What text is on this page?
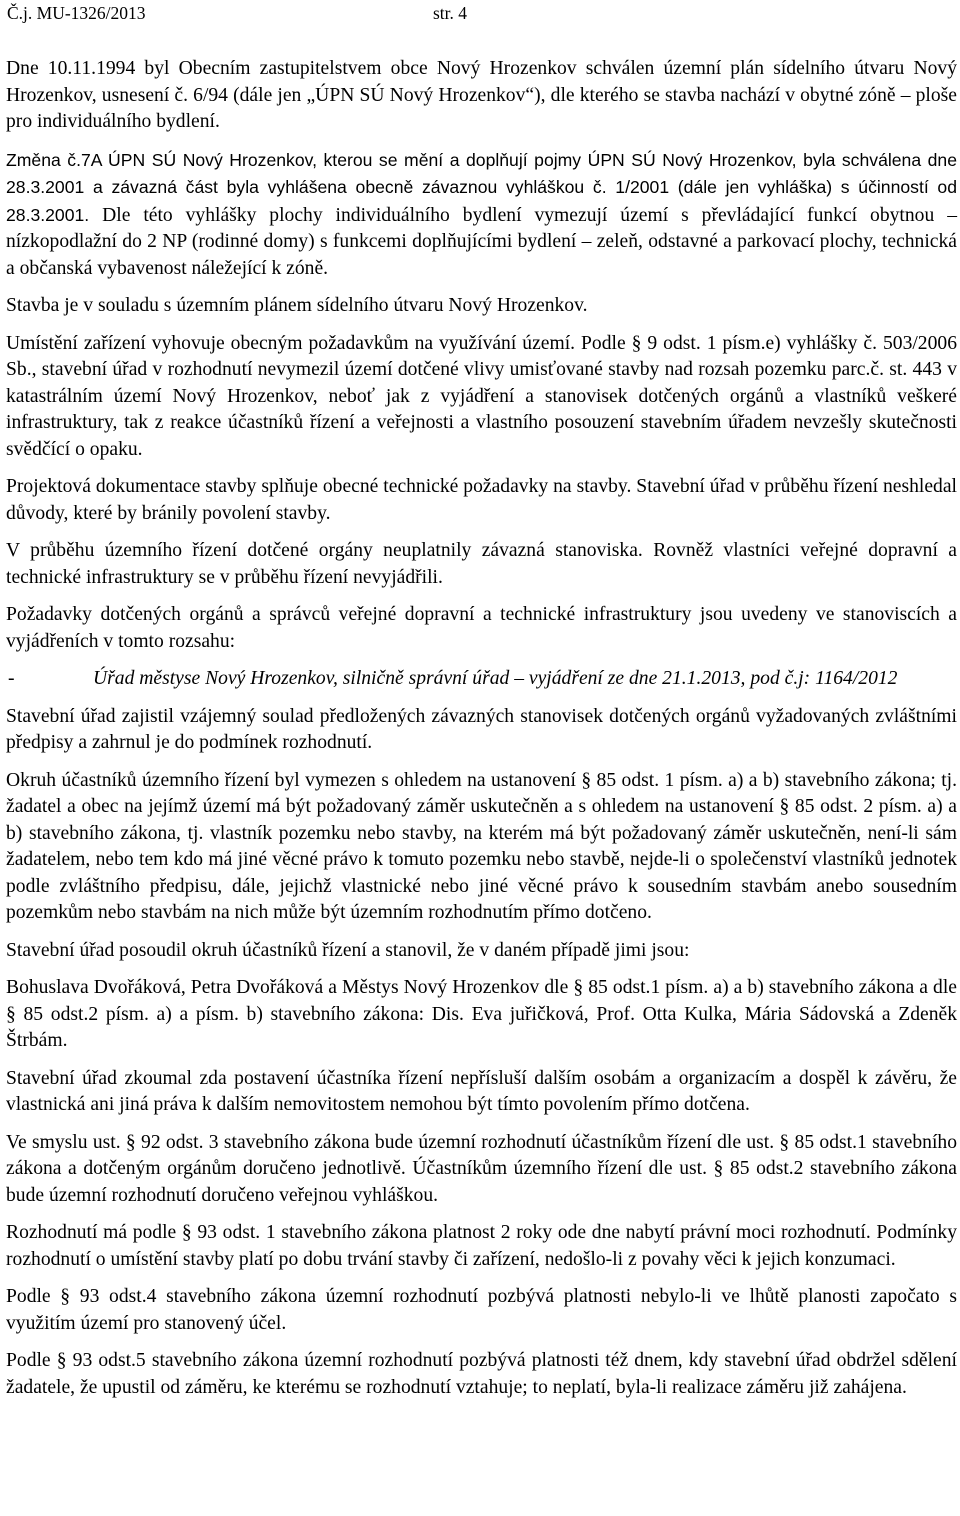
Č.j. MU-1326/2013	str. 4

Dne 10.11.1994 byl Obecním zastupitelstvem obce Nový Hrozenkov schválen územní plán sídelního útvaru Nový Hrozenkov, usnesení č. 6/94 (dále jen „ÚPN SÚ Nový Hrozenkov“), dle kterého se stavba nachází v obytné zóně – ploše pro individuálního bydlení.

Změna č.7A ÚPN SÚ Nový Hrozenkov, kterou se mění a doplňují pojmy ÚPN SÚ Nový Hrozenkov, byla schválena dne 28.3.2001 a závazná část byla vyhlášena obecně závaznou vyhláškou č. 1/2001 (dále jen vyhláška) s účinností od 28.3.2001. Dle této vyhlášky plochy individuálního bydlení vymezují území s převládající funkcí obytnou – nízkopodlažní do 2 NP (rodinné domy) s funkcemi doplňujícími bydlení – zeleň, odstavné a parkovací plochy, technická a občanská vybavenost náležející k zóně.

Stavba je v souladu s územním plánem sídelního útvaru Nový Hrozenkov.

Umístění zařízení vyhovuje obecným požadavkům na využívání území. Podle § 9 odst. 1 písm.e) vyhlášky č. 503/2006 Sb., stavební úřad v rozhodnutí nevymezil území dotčené vlivy umisťované stavby nad rozsah pozemku parc.č. st. 443 v katastrálním území Nový Hrozenkov, neboť jak z vyjádření a stanovisek dotčených orgánů a vlastníků veškeré infrastruktury, tak z reakce účastníků řízení a veřejnosti a vlastního posouzení stavebním úřadem nevzešly skutečnosti svědčící o opaku.

Projektová dokumentace stavby splňuje obecné technické požadavky na stavby. Stavební úřad v průběhu řízení neshledal důvody, které by bránily povolení stavby.

V průběhu územního řízení dotčené orgány neuplatnily závazná stanoviska. Rovněž vlastníci veřejné dopravní a technické infrastruktury se v průběhu řízení nevyjádřili.

Požadavky dotčených orgánů a správců veřejné dopravní a technické infrastruktury jsou uvedeny ve stanoviscích a vyjádřeních v tomto rozsahu:

-	Úřad městyse Nový Hrozenkov, silničně správní úřad – vyjádření ze dne 21.1.2013, pod č.j: 1164/2012

Stavební úřad zajistil vzájemný soulad předložených závazných stanovisek dotčených orgánů vyžadovaných zvláštními předpisy a zahrnul je do podmínek rozhodnutí.

Okruh účastníků územního řízení byl vymezen s ohledem na ustanovení § 85 odst. 1 písm. a) a b) stavebního zákona; tj. žadatel a obec na jejímž území má být požadovaný záměr uskutečněn a s ohledem na ustanovení § 85 odst. 2 písm. a) a b) stavebního zákona, tj. vlastník pozemku nebo stavby, na kterém má být požadovaný záměr uskutečněn, není-li sám žadatelem, nebo tem kdo má jiné věcné právo k tomuto pozemku nebo stavbě, nejde-li o společenství vlastníků jednotek podle zvláštního předpisu, dále, jejichž vlastnické nebo jiné věcné právo k sousedním stavbám anebo sousedním pozemkům nebo stavbám na nich může být územním rozhodnutím přímo dotčeno.

Stavební úřad posoudil okruh účastníků řízení a stanovil, že v daném případě jimi jsou:

Bohuslava Dvořáková, Petra Dvořáková a Městys Nový Hrozenkov dle § 85 odst.1 písm. a) a b) stavebního zákona a dle § 85 odst.2 písm. a) a písm. b) stavebního zákona: Dis. Eva juřičková, Prof. Otta Kulka, Mária Sádovská a Zdeněk Štrbám.

Stavební úřad zkoumal zda postavení účastníka řízení nepřísluší dalším osobám a organizacím a dospěl k závěru, že vlastnická ani jiná práva k dalším nemovitostem nemohou být tímto povolením přímo dotčena.

Ve smyslu ust. § 92 odst. 3 stavebního zákona bude územní rozhodnutí účastníkům řízení dle ust. § 85 odst.1 stavebního zákona a dotčeným orgánům doručeno jednotlivě. Účastníkům územního řízení dle ust. § 85 odst.2 stavebního zákona bude územní rozhodnutí doručeno veřejnou vyhláškou.

Rozhodnutí má podle § 93 odst. 1 stavebního zákona platnost 2 roky ode dne nabytí právní moci rozhodnutí. Podmínky rozhodnutí o umístění stavby platí po dobu trvání stavby či zařízení, nedošlo-li z povahy věci k jejich konzumaci.

Podle § 93 odst.4 stavebního zákona územní rozhodnutí pozbývá platnosti nebylo-li ve lhůtě planosti započato s využitím území pro stanovený účel.

Podle § 93 odst.5 stavebního zákona územní rozhodnutí pozbývá platnosti též dnem, kdy stavební úřad obdržel sdělení žadatele, že upustil od záměru, ke kterému se rozhodnutí vztahuje; to neplatí, byla-li realizace záměru již zahájena.
